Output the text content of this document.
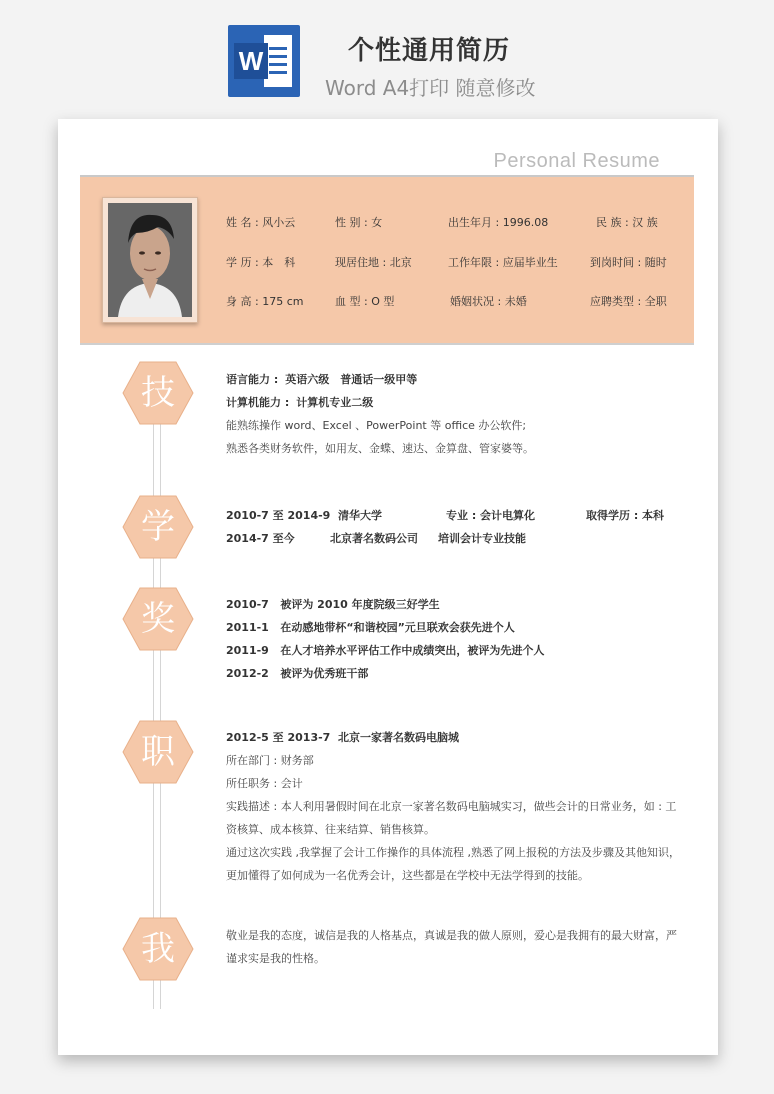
W	个性通用简历
Word A4打印 随意修改
Personal Resume
姓 名 : 风小云	性 别 : 女	出生年月 : 1996.08	民 族 : 汉 族
学 历 : 本　科	现居住地 : 北京	工作年限 : 应届毕业生	到岗时间 : 随时
身 高 : 175 cm	血 型 : O 型	婚姻状况 : 未婚	应聘类型 : 全职
技	语言能力 : 英语六级　普通话一级甲等
计算机能力 : 计算机专业二级
能熟练操作 word、Excel 、PowerPoint 等 office 办公软件;
熟悉各类财务软件，如用友、金蝶、速达、金算盘、管家婆等。
学	2010-7 至 2014-9 清华大学	专业 : 会计电算化	取得学历 : 本科
2014-7 至今	北京著名数码公司 培训会计专业技能
奖	2010-7 被评为 2010 年度院级三好学生
2011-1 在动感地带杯“和谐校园”元旦联欢会获先进个人
2011-9 在人才培养水平评估工作中成绩突出，被评为先进个人
2012-2 被评为优秀班干部
职	2012-5 至 2013-7 北京一家著名数码电脑城
所在部门 : 财务部
所任职务 : 会计
实践描述 : 本人利用暑假时间在北京一家著名数码电脑城实习，做些会计的日常业务，如 : 工
资核算、成本核算、往来结算、销售核算。
通过这次实践 ,我掌握了会计工作操作的具体流程 ,熟悉了网上报税的方法及步骤及其他知识，
更加懂得了如何成为一名优秀会计，这些都是在学校中无法学得到的技能。
我	敬业是我的态度，诚信是我的人格基点，真诚是我的做人原则，爱心是我拥有的最大财富，严
谨求实是我的性格。
